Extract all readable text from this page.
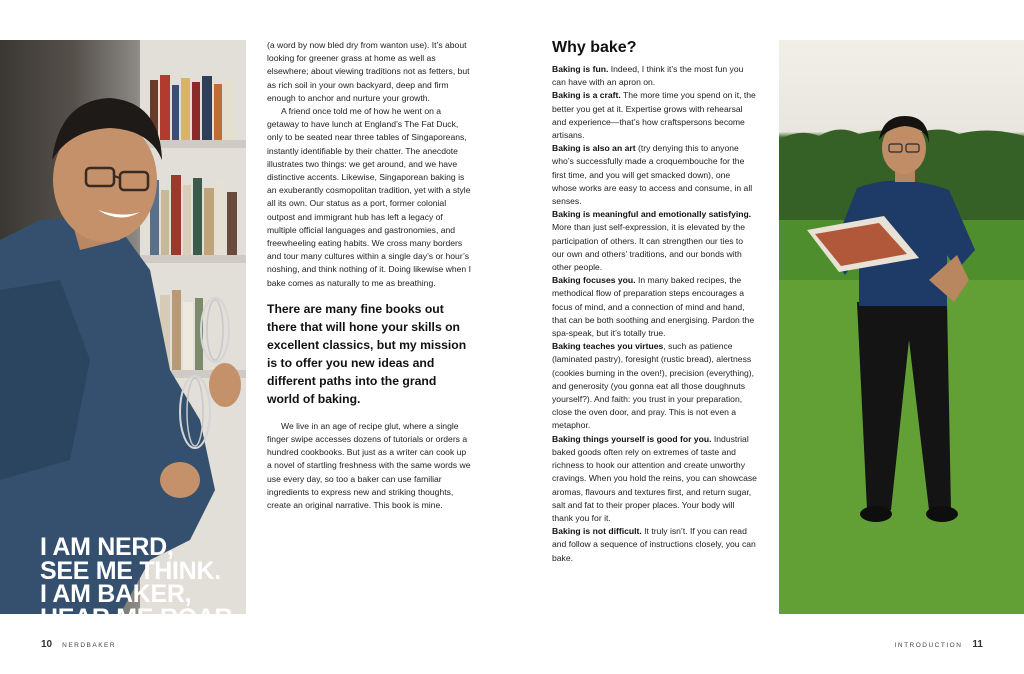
I AM NERD,
SEE ME THINK.
I AM BAKER,
HEAR ME ROAR.

(a word by now bled dry from wanton use). It’s about looking for greener grass at home as well as elsewhere; about viewing traditions not as fetters, but as rich soil in your own backyard, deep and firm enough to anchor and nurture your growth.

A friend once told me of how he went on a getaway to have lunch at England’s The Fat Duck, only to be seated near three tables of Singaporeans, instantly identifiable by their chatter. The anecdote illustrates two things: we get around, and we have distinctive accents. Likewise, Singaporean baking is an exuberantly cosmopolitan tradition, yet with a style all its own. Our status as a port, former colonial outpost and immigrant hub has left a legacy of multiple official languages and gastronomies, and freewheeling eating habits. We cross many borders and tour many cultures within a single day’s or hour’s noshing, and think nothing of it. Doing likewise when I bake comes as naturally to me as breathing.

There are many fine books out there that will hone your skills on excellent classics, but my mission is to offer you new ideas and different paths into the grand world of baking.

We live in an age of recipe glut, where a single finger swipe accesses dozens of tutorials or orders a hundred cookbooks. But just as a writer can cook up a novel of startling freshness with the same words we use every day, so too a baker can use familiar ingredients to express new and striking thoughts, create an original narrative. This book is mine.

Why bake?

Baking is fun. Indeed, I think it’s the most fun you can have with an apron on.

Baking is a craft. The more time you spend on it, the better you get at it. Expertise grows with rehearsal and experience—that’s how craftspersons become artisans.

Baking is also an art (try denying this to anyone who’s successfully made a croquembouche for the first time, and you will get smacked down), one whose works are easy to access and consume, in all senses.

Baking is meaningful and emotionally satisfying. More than just self-expression, it is elevated by the participation of others. It can strengthen our ties to our own and others’ traditions, and our bonds with other people.

Baking focuses you. In many baked recipes, the methodical flow of preparation steps encourages a focus of mind, and a connection of mind and hand, that can be both soothing and energising. Pardon the spa-speak, but it’s totally true.

Baking teaches you virtues, such as patience (laminated pastry), foresight (rustic bread), alertness (cookies burning in the oven!), precision (everything), and generosity (you gonna eat all those doughnuts yourself?). And faith: you trust in your preparation, close the oven door, and pray. This is not even a metaphor.

Baking things yourself is good for you. Industrial baked goods often rely on extremes of taste and richness to hook our attention and create unworthy cravings. When you hold the reins, you can showcase aromas, flavours and textures first, and return sugar, salt and fat to their proper places. Your body will thank you for it.

Baking is not difficult. It truly isn’t. If you can read and follow a sequence of instructions closely, you can bake.

10 NERDBAKER	INTRODUCTION 11
